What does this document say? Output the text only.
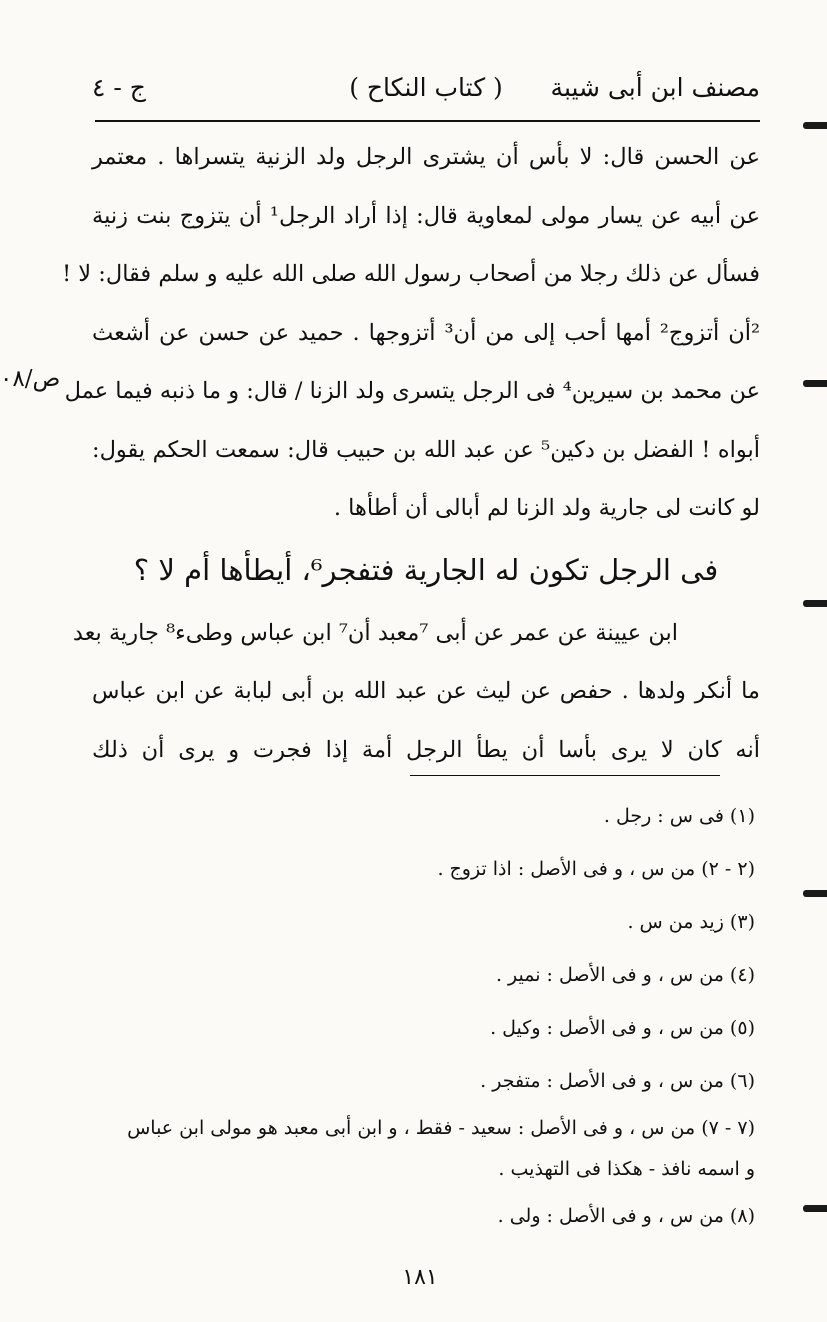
مصنف ابن أبى شيبة
( كتاب النكاح )
ج - ٤
عن الحسن قال: لا بأس أن يشترى الرجل ولد الزنية يتسراها . معتمر
عن أبيه عن يسار مولى لمعاوية قال: إذا أراد الرجل¹ أن يتزوج بنت زنية
فسأل عن ذلك رجلا من أصحاب رسول الله صلى الله عليه و سلم فقال: لا !
²أن أتزوج² أمها أحب إلى من أن³ أتزوجها . حميد عن حسن عن أشعث
عن محمد بن سيرين⁴ فى الرجل يتسرى ولد الزنا / قال: و ما ذنبه فيما عمل
أبواه ! الفضل بن دكين⁵ عن عبد الله بن حبيب قال: سمعت الحكم يقول:
لو كانت لى جارية ولد الزنا لم أبالى أن أطأها .
فى الرجل تكون له الجارية فتفجر⁶، أيطأها أم لا ؟
ابن عيينة عن عمر عن أبى ⁷معبد أن⁷ ابن عباس وطىء⁸ جارية بعد
ما أنكر ولدها . حفص عن ليث عن عبد الله بن أبى لبابة عن ابن عباس
أنه كان لا يرى بأسا أن يطأ الرجل أمة إذا فجرت و يرى أن ذلك
ص/٠٨
(١) فى س : رجل .
(٢ - ٢) من س ، و فى الأصل : اذا تزوج .
(٣) زيد من س .
(٤) من س ، و فى الأصل : نمير .
(٥) من س ، و فى الأصل : وكيل .
(٦) من س ، و فى الأصل : متفجر .
(٧ - ٧) من س ، و فى الأصل : سعيد - فقط ، و ابن أبى معبد هو مولى ابن عباس
و اسمه نافذ - هكذا فى التهذيب .
(٨) من س ، و فى الأصل : ولى .
١٨١
